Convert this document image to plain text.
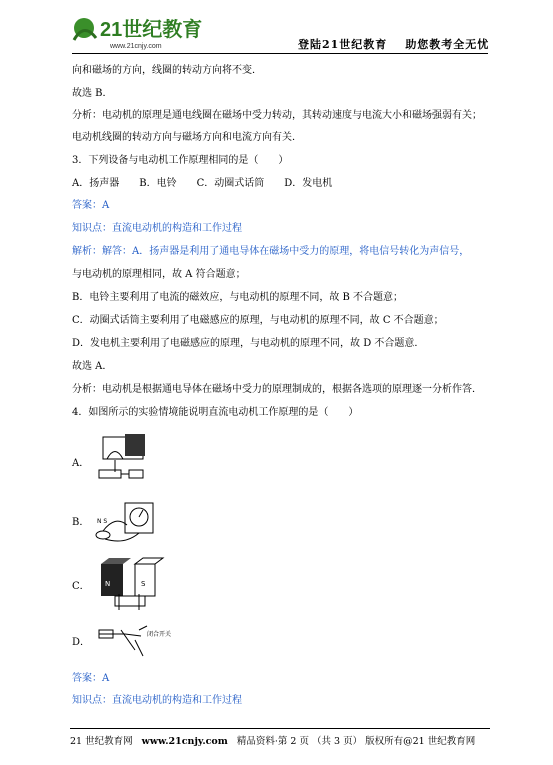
21世纪教育
www.21cnjy.com	登陆21世纪教育 助您教考全无忧
向和磁场的方向，线圈的转动方向将不变．
故选 B．
分析：电动机的原理是通电线圈在磁场中受力转动，其转动速度与电流大小和磁场强弱有关；
电动机线圈的转动方向与磁场方向和电流方向有关．
3．下列设备与电动机工作原理相同的是（　　）
A．扬声器　　B．电铃　　C．动圈式话筒　　D．发电机
答案：A
知识点：直流电动机的构造和工作过程
解析：解答：A．扬声器是利用了通电导体在磁场中受力的原理，将电信号转化为声信号，
与电动机的原理相同，故 A 符合题意；
B．电铃主要利用了电流的磁效应，与电动机的原理不同，故 B 不合题意；
C．动圈式话筒主要利用了电磁感应的原理，与电动机的原理不同，故 C 不合题意；
D．发电机主要利用了电磁感应的原理，与电动机的原理不同，故 D 不合题意．
故选 A．
分析：电动机是根据通电导体在磁场中受力的原理制成的，根据各选项的原理逐一分析作答．
4．如图所示的实验情境能说明直流电动机工作原理的是（　　）
A．
B． N S
C． N	S
D．
闭合开关
答案：A
知识点：直流电动机的构造和工作过程
21 世纪教育网 www.21cnjy.com 精品资料·第 2 页 （共 3 页） 版权所有@21 世纪教育网
